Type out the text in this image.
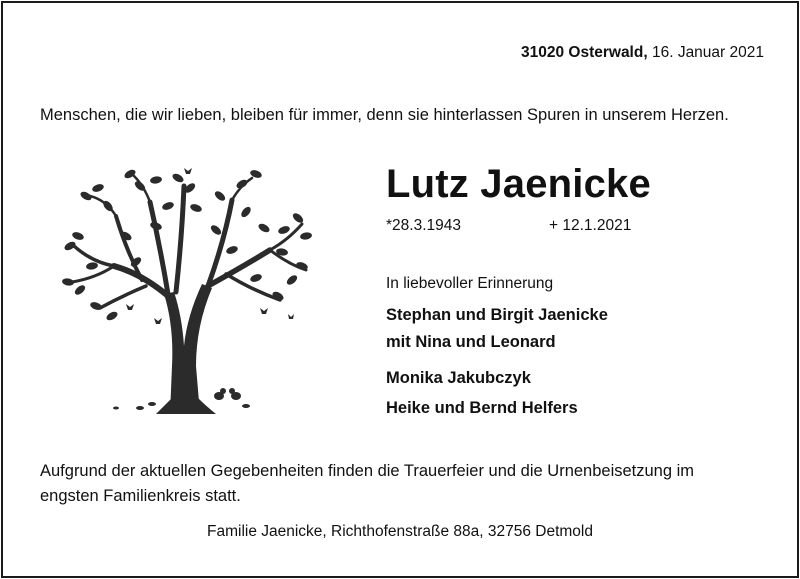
31020 Osterwald, 16. Januar 2021
Menschen, die wir lieben, bleiben für immer, denn sie hinterlassen Spuren in unserem Herzen.
Lutz Jaenicke
*28.3.1943	+ 12.1.2021
In liebevoller Erinnerung
Stephan und Birgit Jaenicke
mit Nina und Leonard
Monika Jakubczyk
Heike und Bernd Helfers
Aufgrund der aktuellen Gegebenheiten finden die Trauerfeier und die Urnenbeisetzung im engsten Familienkreis statt.
Familie Jaenicke, Richthofenstraße 88a, 32756 Detmold
